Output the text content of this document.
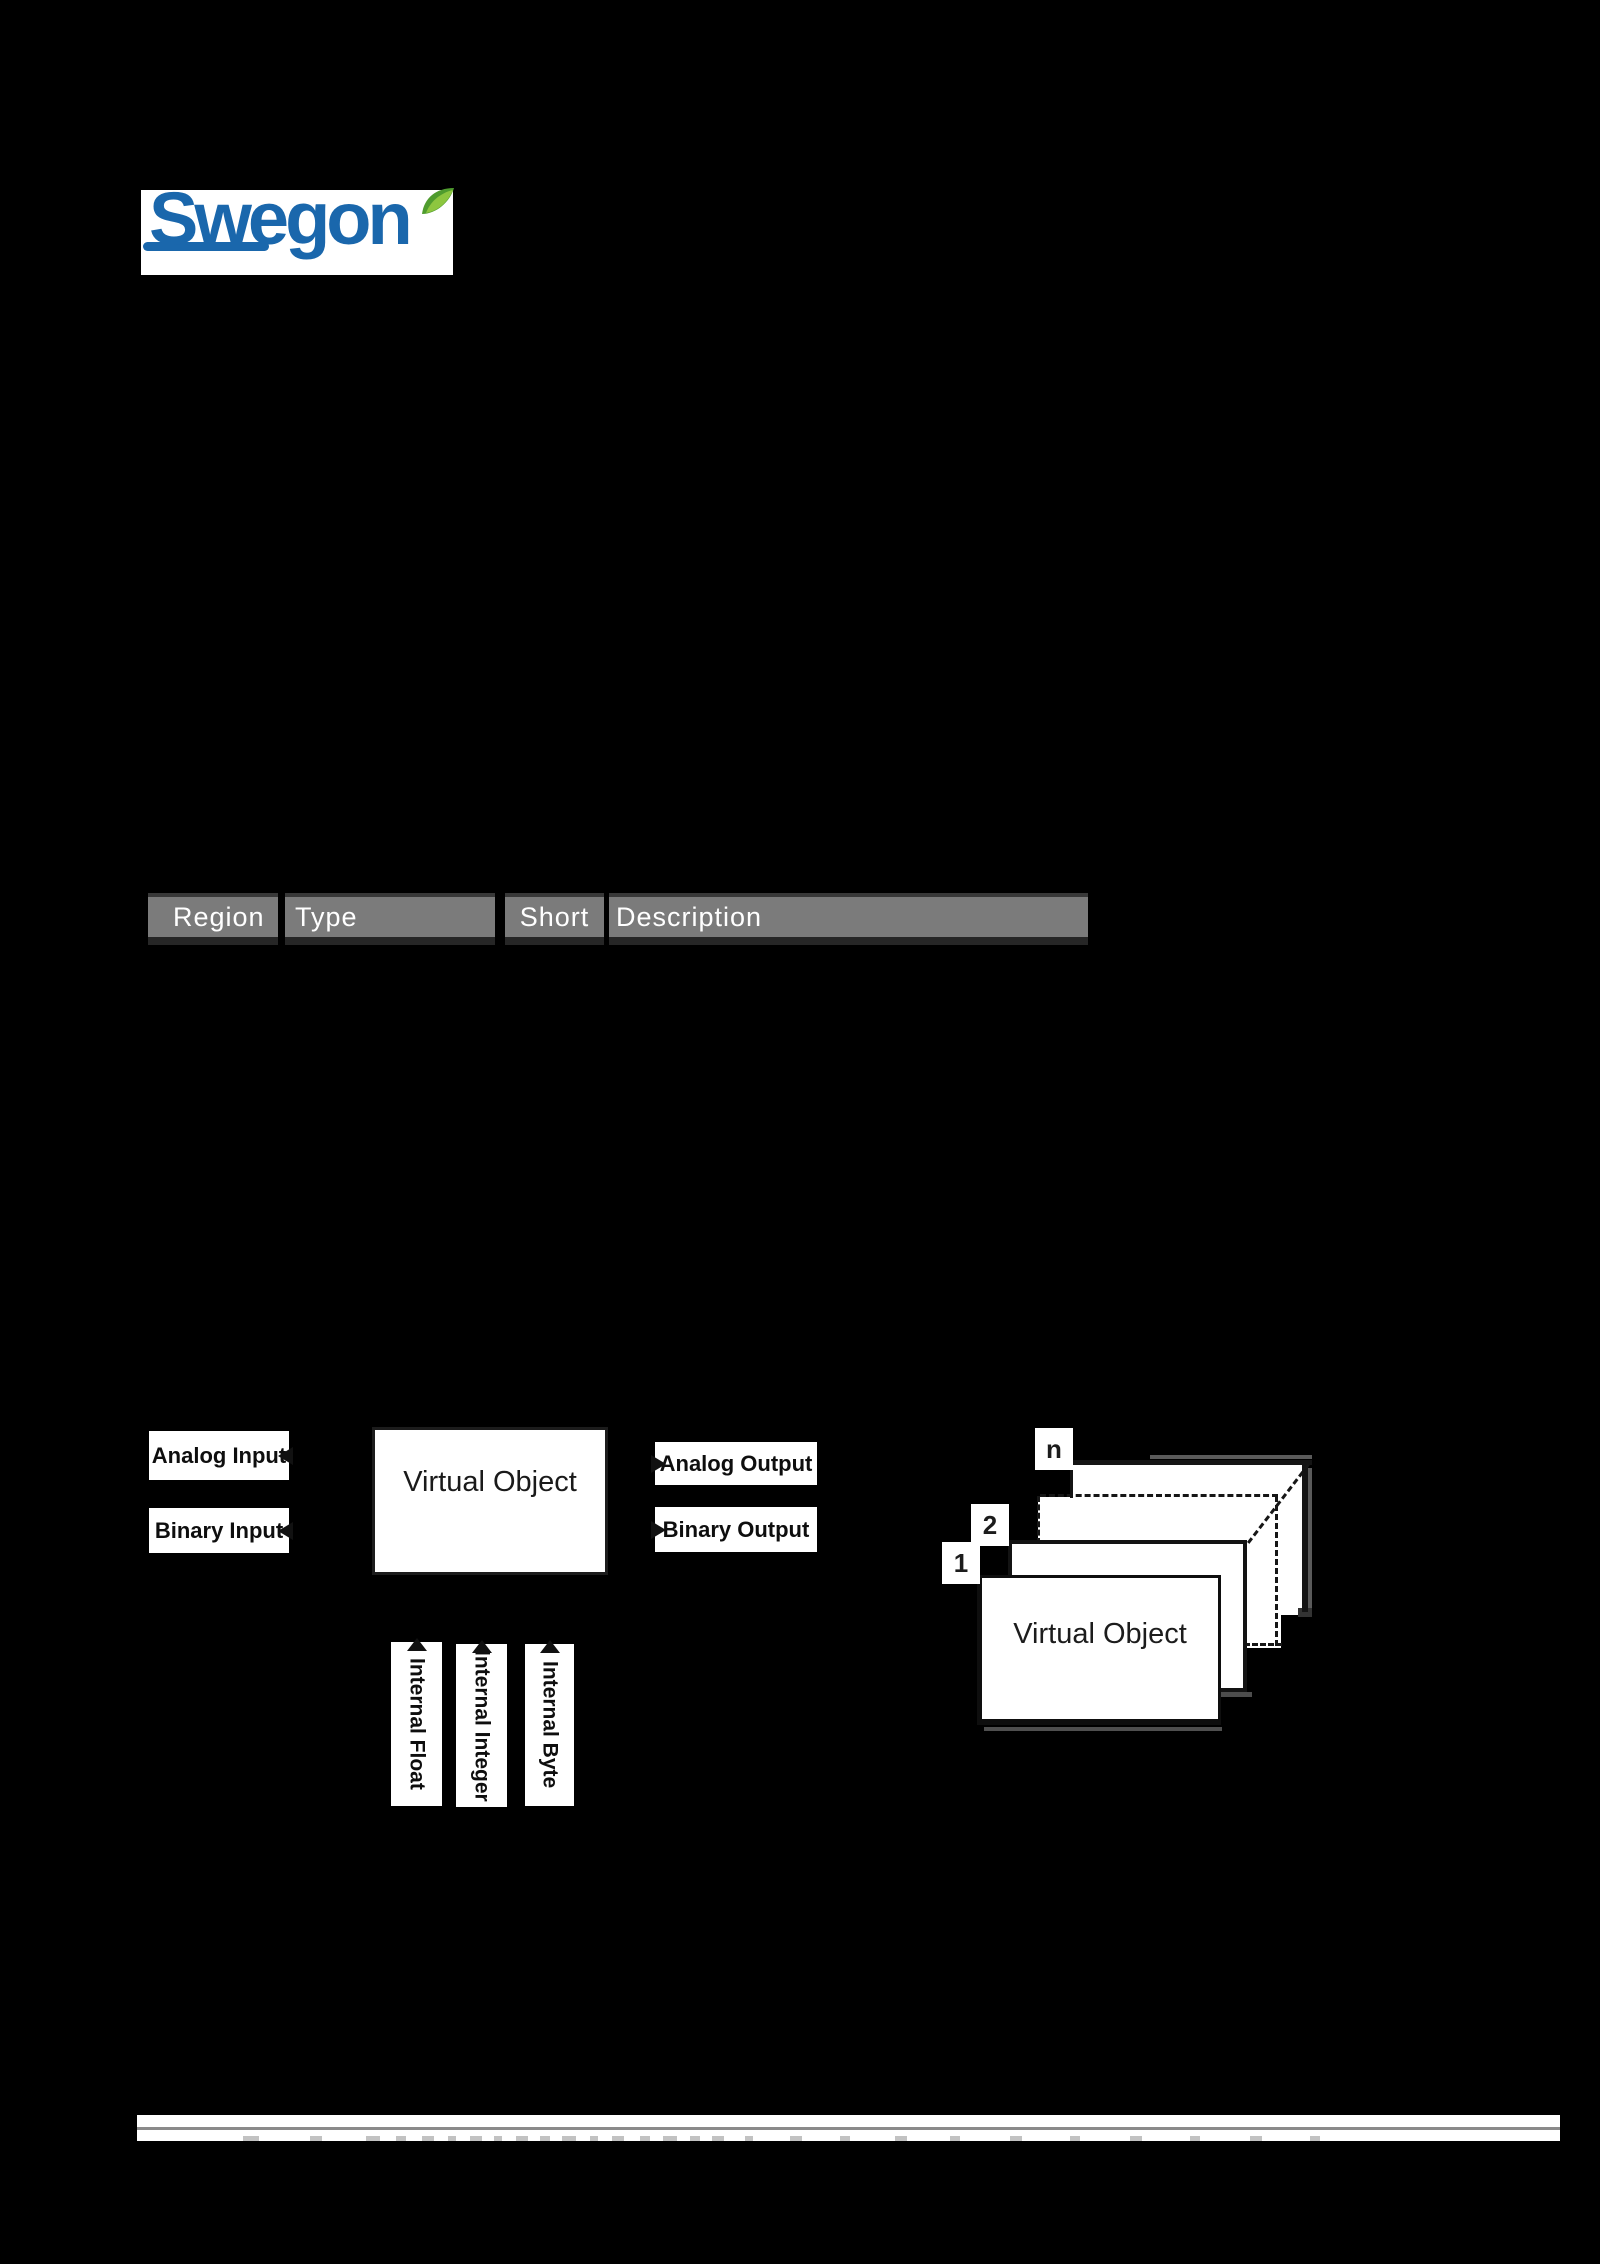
Swegon
Region	Type	Short Description
Virtual Object
Analog Input
Binary Input
Analog Output
Binary Output
Internal Float Internal Integer Internal Byte
Virtual Object
n
2
1
